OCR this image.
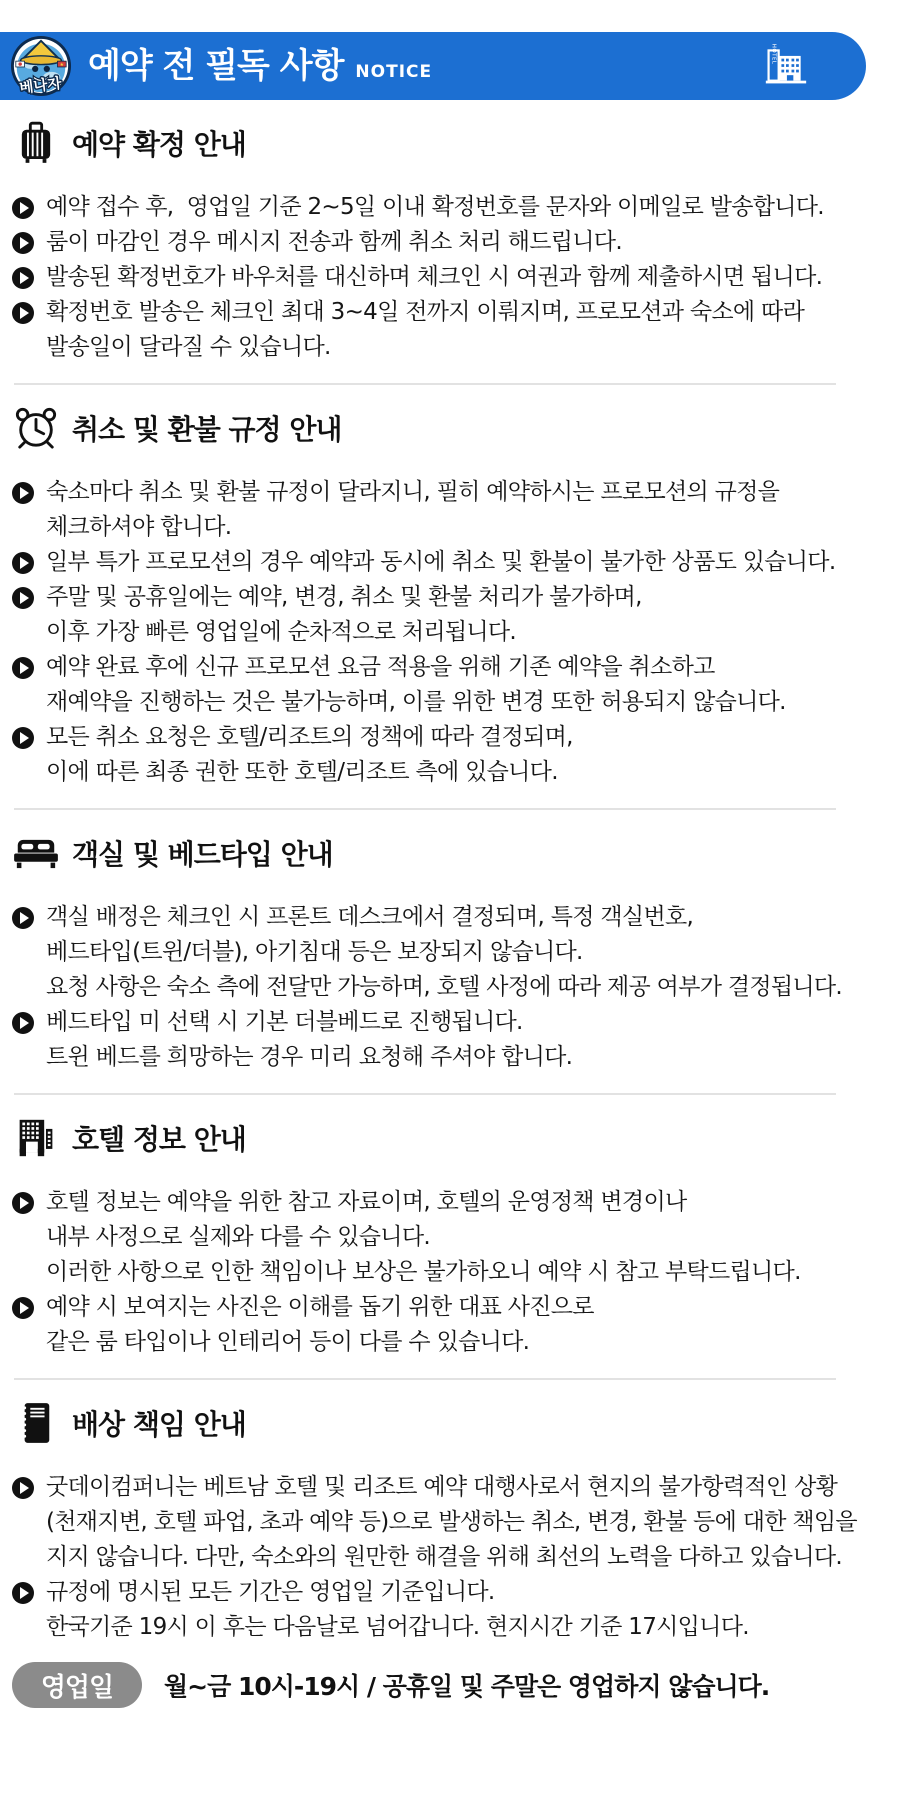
★
베나자
예약 전 필독 사항 NOTICE
HOTEL
예약 확정 안내
예약 접수 후,  영업일 기준 2~5일 이내 확정번호를 문자와 이메일로 발송합니다.
룸이 마감인 경우 메시지 전송과 함께 취소 처리 해드립니다.
발송된 확정번호가 바우처를 대신하며 체크인 시 여권과 함께 제출하시면 됩니다.
확정번호 발송은 체크인 최대 3~4일 전까지 이뤄지며, 프로모션과 숙소에 따라
발송일이 달라질 수 있습니다.
취소 및 환불 규정 안내
숙소마다 취소 및 환불 규정이 달라지니, 필히 예약하시는 프로모션의 규정을
체크하셔야 합니다.
일부 특가 프로모션의 경우 예약과 동시에 취소 및 환불이 불가한 상품도 있습니다.
주말 및 공휴일에는 예약, 변경, 취소 및 환불 처리가 불가하며,
이후 가장 빠른 영업일에 순차적으로 처리됩니다.
예약 완료 후에 신규 프로모션 요금 적용을 위해 기존 예약을 취소하고
재예약을 진행하는 것은 불가능하며, 이를 위한 변경 또한 허용되지 않습니다.
모든 취소 요청은 호텔/리조트의 정책에 따라 결정되며,
이에 따른 최종 권한 또한 호텔/리조트 측에 있습니다.
객실 및 베드타입 안내
객실 배정은 체크인 시 프론트 데스크에서 결정되며, 특정 객실번호,
베드타입(트윈/더블), 아기침대 등은 보장되지 않습니다.
요청 사항은 숙소 측에 전달만 가능하며, 호텔 사정에 따라 제공 여부가 결정됩니다.
베드타입 미 선택 시 기본 더블베드로 진행됩니다.
트윈 베드를 희망하는 경우 미리 요청해 주셔야 합니다.
호텔 정보 안내
호텔 정보는 예약을 위한 참고 자료이며, 호텔의 운영정책 변경이나
내부 사정으로 실제와 다를 수 있습니다.
이러한 사항으로 인한 책임이나 보상은 불가하오니 예약 시 참고 부탁드립니다.
예약 시 보여지는 사진은 이해를 돕기 위한 대표 사진으로
같은 룸 타입이나 인테리어 등이 다를 수 있습니다.
배상 책임 안내
굿데이컴퍼니는 베트남 호텔 및 리조트 예약 대행사로서 현지의 불가항력적인 상황
(천재지변, 호텔 파업, 초과 예약 등)으로 발생하는 취소, 변경, 환불 등에 대한 책임을
지지 않습니다. 다만, 숙소와의 원만한 해결을 위해 최선의 노력을 다하고 있습니다.
규정에 명시된 모든 기간은 영업일 기준입니다.
한국기준 19시 이 후는 다음날로 넘어갑니다. 현지시간 기준 17시입니다.
영업일	월~금 10시-19시 / 공휴일 및 주말은 영업하지 않습니다.
